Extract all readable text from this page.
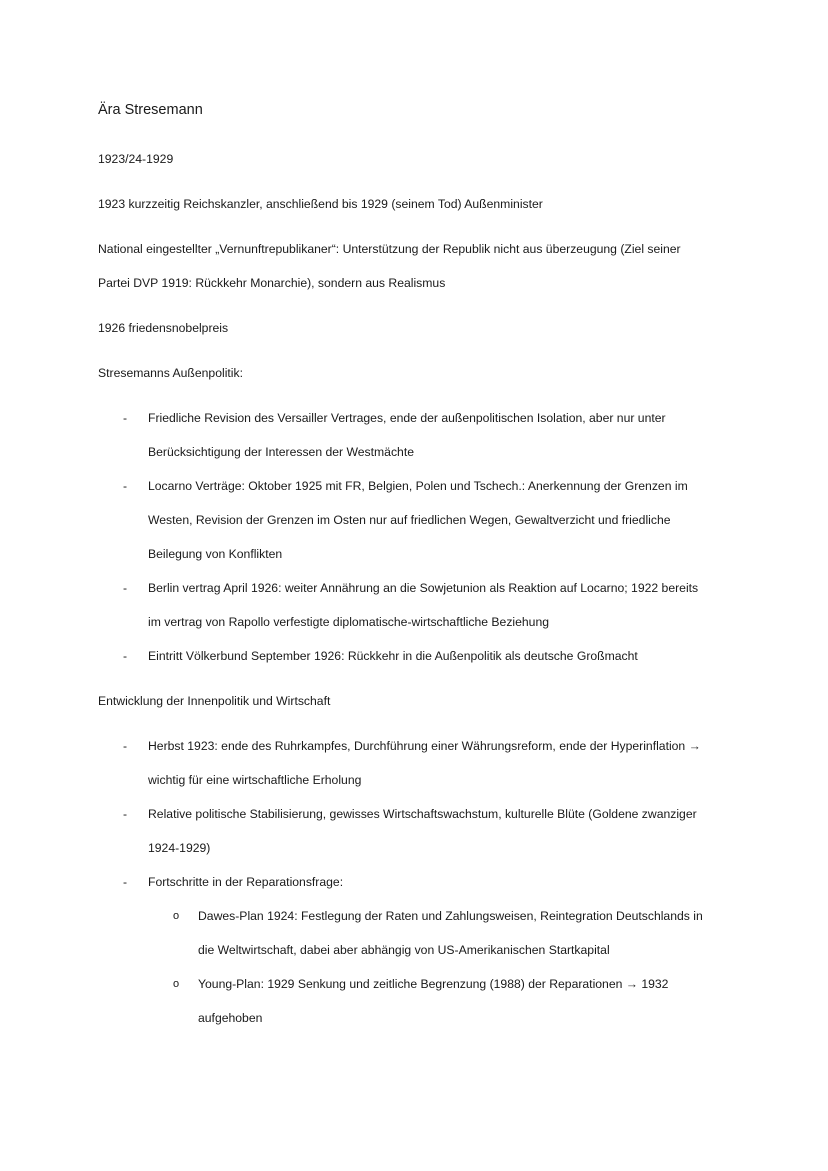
Ära Stresemann
1923/24-1929
1923 kurzzeitig Reichskanzler, anschließend bis 1929 (seinem Tod) Außenminister
National eingestellter „Vernunftrepublikaner“: Unterstützung der Republik nicht aus überzeugung (Ziel seiner
Partei DVP 1919: Rückkehr Monarchie), sondern aus Realismus
1926 friedensnobelpreis
Stresemanns Außenpolitik:
- Friedliche Revision des Versailler Vertrages, ende der außenpolitischen Isolation, aber nur unter
Berücksichtigung der Interessen der Westmächte
- Locarno Verträge: Oktober 1925 mit FR, Belgien, Polen und Tschech.: Anerkennung der Grenzen im
Westen, Revision der Grenzen im Osten nur auf friedlichen Wegen, Gewaltverzicht und friedliche
Beilegung von Konflikten
- Berlin vertrag April 1926: weiter Annährung an die Sowjetunion als Reaktion auf Locarno; 1922 bereits
im vertrag von Rapollo verfestigte diplomatische-wirtschaftliche Beziehung
- Eintritt Völkerbund September 1926: Rückkehr in die Außenpolitik als deutsche Großmacht
Entwicklung der Innenpolitik und Wirtschaft
- Herbst 1923: ende des Ruhrkampfes, Durchführung einer Währungsreform, ende der Hyperinflation →
wichtig für eine wirtschaftliche Erholung
- Relative politische Stabilisierung, gewisses Wirtschaftswachstum, kulturelle Blüte (Goldene zwanziger
1924-1929)
- Fortschritte in der Reparationsfrage:
o Dawes-Plan 1924: Festlegung der Raten und Zahlungsweisen, Reintegration Deutschlands in
die Weltwirtschaft, dabei aber abhängig von US-Amerikanischen Startkapital
o Young-Plan: 1929 Senkung und zeitliche Begrenzung (1988) der Reparationen → 1932
aufgehoben
